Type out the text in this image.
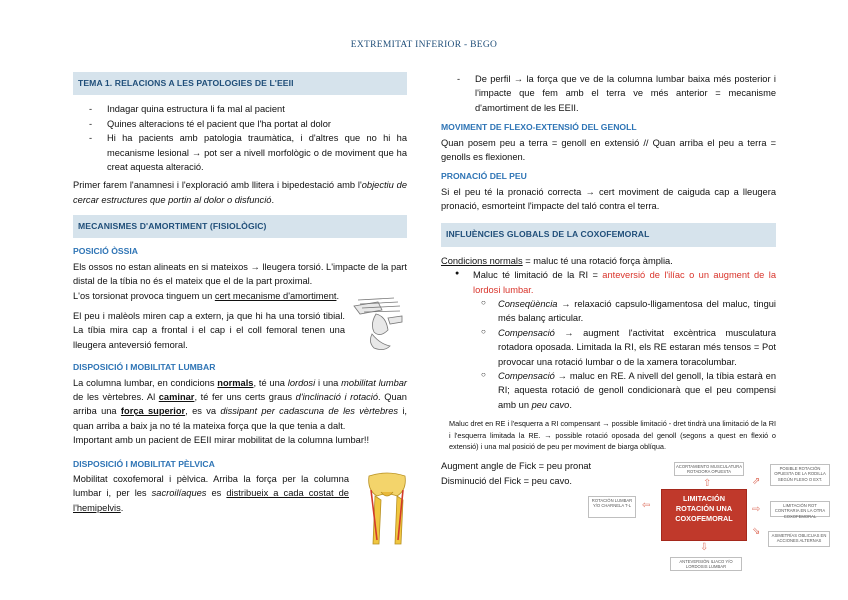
EXTREMITAT INFERIOR - BEGO
TEMA 1. RELACIONS A LES PATOLOGIES DE L'EEII
- Indagar quina estructura li fa mal al pacient
- Quines alteracions té el pacient que l'ha portat al dolor
- Hi ha pacients amb patologia traumàtica, i d'altres que no hi ha mecanisme lesional → pot ser a nivell morfològic o de moviment que ha creat aquesta alteració.

Primer farem l'anamnesi i l'exploració amb llitera i bipedestació amb l'objectiu de cercar estructures que portin al dolor o disfunció.

MECANISMES D'AMORTIMENT (FISIOLÒGIC)
POSICIÓ ÒSSIA

Els ossos no estan alineats en si mateixos → lleugera torsió. L'impacte de la part distal de la tíbia no és el mateix que el de la part proximal.

L'os torsionat provoca tinguem un cert mecanisme d'amortiment.

El peu i malèols miren cap a extern, ja que hi ha una torsió tibial. La tíbia mira cap a frontal i el cap i el coll femoral tenen una lleugera anteversió femoral.

DISPOSICIÓ I MOBILITAT LUMBAR

La columna lumbar, en condicions normals, té una lordosi i una mobilitat lumbar de les vèrtebres. Al caminar, té fer uns certs graus d'inclinació i rotació. Quan arriba una força superior, es va dissipant per cadascuna de les vèrtebres i, quan arriba a baix ja no té la mateixa força que la que tenia a dalt.

Important amb un pacient de EEII mirar mobilitat de la columna lumbar!!

DISPOSICIÓ I MOBILITAT PÈLVICA

Mobilitat coxofemoral i pèlvica. Arriba la força per la columna lumbar i, per les sacroilíaques es distribueix a cada costat de l'hemipelvis.

- De perfil → la força que ve de la columna lumbar baixa més posterior i l'impacte que fem amb el terra ve més anterior = mecanisme d'amortiment de les EEII.
MOVIMENT DE FLEXO-EXTENSIÓ DEL GENOLL

Quan posem peu a terra = genoll en extensió // Quan arriba el peu a terra = genolls es flexionen.

PRONACIÓ DEL PEU

Si el peu té la pronació correcta → cert moviment de caiguda cap a lleugera pronació, esmorteint l'impacte del taló contra el terra.

INFLUÈNCIES GLOBALS DE LA COXOFEMORAL

Condicions normals = maluc té una rotació força àmplia.

● Maluc té limitació de la RI = anteversió de l'ilíac o un augment de la lordosi lumbar.
○ Conseqüència → relaxació capsulo-lligamentosa del maluc, tingui més balanç articular.
○ Compensació → augment l'activitat excèntrica musculatura rotadora oposada. Limitada la RI, els RE estaran més tensos = Pot provocar una rotació lumbar o de la xamera toracolumbar.
○ Compensació → maluc en RE. A nivell del genoll, la tíbia estarà en RI; aquesta rotació de genoll condicionarà que el peu compensi amb un peu cavo.

Maluc dret en RE i l'esquerra a RI compensant → possible limitació - dret tindrà una limitació de la RI i l'esquerra limitada la RE. → possible rotació oposada del genoll (segons a quest en flexió o extensió) i una mal posició de peu per moviment de biarga oblíqua.

Augment angle de Fick = peu pronat

Disminució del Fick = peu cavo.

ACORTAMIENTO MUSCULATURA ROTADORA OPUESTA
⇧
ROTACIÓN LUMBAR Y/O CHARNELA T-L	⇦
LIMITACIÓN ROTACIÓN UNA COXOFEMORAL
⇗
⇨
⇘
POSIBLE ROTACIÓN OPUESTA DE LA RODILLA SEGÚN FLEXO O EXT.
LIMITACIÓN ROT CONTRARIA EN LA OTRA COXOFEMORAL
ASIMETRÍAS OBLICUAS EN ACCIONES ALTERNAS
⇩
ANTEVERSIÓN ILIACO Y/O LORDOSIS LUMBAR
